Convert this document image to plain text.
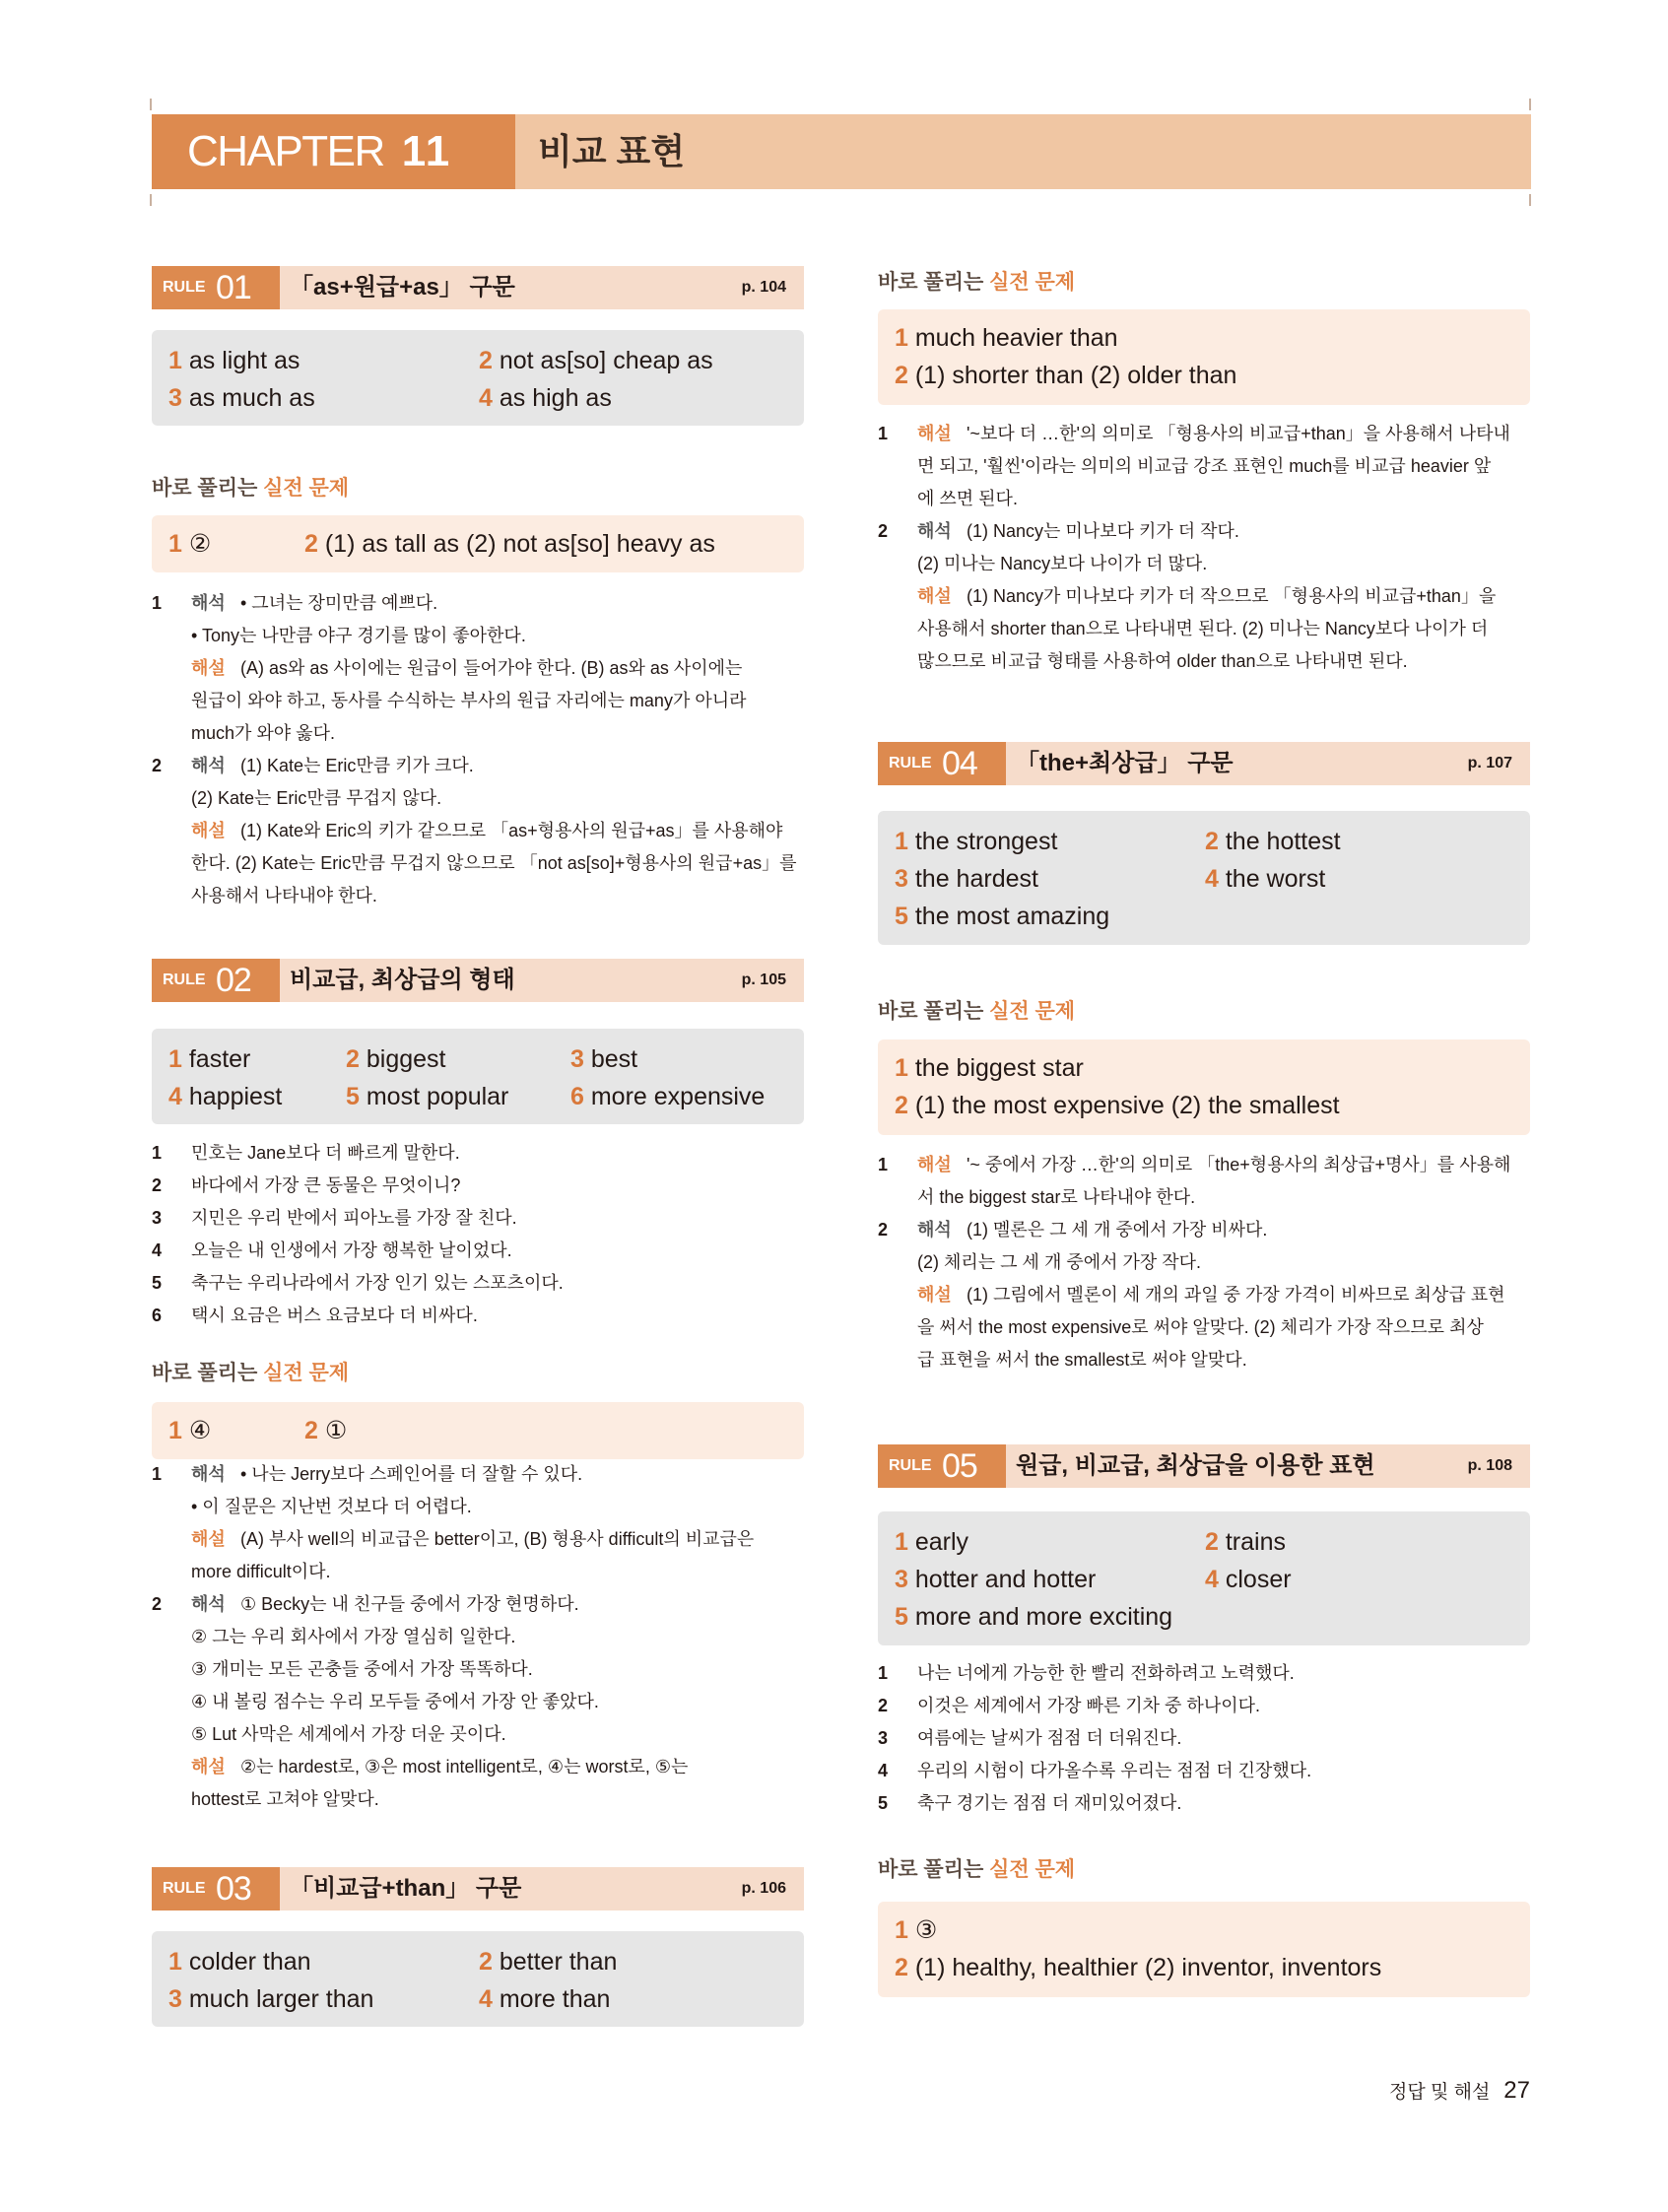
CHAPTER 11	비교 표현
RULE 01 「as+원급+as」 구문	p. 104
1 as light as	2 not as[so] cheap as
3 as much as	4 as high as
바로 풀리는 실전 문제
1 ②	2 (1) as tall as (2) not as[so] heavy as
1 해석 • 그녀는 장미만큼 예쁘다.
• Tony는 나만큼 야구 경기를 많이 좋아한다.
해설 (A) as와 as 사이에는 원급이 들어가야 한다. (B) as와 as 사이에는
원급이 와야 하고, 동사를 수식하는 부사의 원급 자리에는 many가 아니라
much가 와야 옳다.
2 해석 (1) Kate는 Eric만큼 키가 크다.
(2) Kate는 Eric만큼 무겁지 않다.
해설 (1) Kate와 Eric의 키가 같으므로 「as+형용사의 원급+as」를 사용해야
한다. (2) Kate는 Eric만큼 무겁지 않으므로 「not as[so]+형용사의 원급+as」를
사용해서 나타내야 한다.
RULE 02 비교급, 최상급의 형태	p. 105
1 faster	2 biggest	3 best
4 happiest	5 most popular	6 more expensive
1 민호는 Jane보다 더 빠르게 말한다.
2 바다에서 가장 큰 동물은 무엇이니?
3 지민은 우리 반에서 피아노를 가장 잘 친다.
4 오늘은 내 인생에서 가장 행복한 날이었다.
5 축구는 우리나라에서 가장 인기 있는 스포츠이다.
6 택시 요금은 버스 요금보다 더 비싸다.
바로 풀리는 실전 문제
1 ④	2 ①
1 해석 • 나는 Jerry보다 스페인어를 더 잘할 수 있다.
• 이 질문은 지난번 것보다 더 어렵다.
해설 (A) 부사 well의 비교급은 better이고, (B) 형용사 difficult의 비교급은
more difficult이다.
2 해석 ① Becky는 내 친구들 중에서 가장 현명하다.
② 그는 우리 회사에서 가장 열심히 일한다.
③ 개미는 모든 곤충들 중에서 가장 똑똑하다.
④ 내 볼링 점수는 우리 모두들 중에서 가장 안 좋았다.
⑤ Lut 사막은 세계에서 가장 더운 곳이다.
해설 ②는 hardest로, ③은 most intelligent로, ④는 worst로, ⑤는
hottest로 고쳐야 알맞다.
RULE 03 「비교급+than」 구문	p. 106
1 colder than	2 better than
3 much larger than	4 more than
바로 풀리는 실전 문제
1 much heavier than
2 (1) shorter than (2) older than
1 해설 '~보다 더 …한'의 의미로 「형용사의 비교급+than」을 사용해서 나타내
면 되고, '훨씬'이라는 의미의 비교급 강조 표현인 much를 비교급 heavier 앞
에 쓰면 된다.
2 해석 (1) Nancy는 미나보다 키가 더 작다.
(2) 미나는 Nancy보다 나이가 더 많다.
해설 (1) Nancy가 미나보다 키가 더 작으므로 「형용사의 비교급+than」을
사용해서 shorter than으로 나타내면 된다. (2) 미나는 Nancy보다 나이가 더
많으므로 비교급 형태를 사용하여 older than으로 나타내면 된다.
RULE 04 「the+최상급」 구문	p. 107
1 the strongest	2 the hottest
3 the hardest	4 the worst
5 the most amazing
바로 풀리는 실전 문제
1 the biggest star
2 (1) the most expensive (2) the smallest
1 해설 '~ 중에서 가장 …한'의 의미로 「the+형용사의 최상급+명사」를 사용해
서 the biggest star로 나타내야 한다.
2 해석 (1) 멜론은 그 세 개 중에서 가장 비싸다.
(2) 체리는 그 세 개 중에서 가장 작다.
해설 (1) 그림에서 멜론이 세 개의 과일 중 가장 가격이 비싸므로 최상급 표현
을 써서 the most expensive로 써야 알맞다. (2) 체리가 가장 작으므로 최상
급 표현을 써서 the smallest로 써야 알맞다.
RULE 05 원급, 비교급, 최상급을 이용한 표현	p. 108
1 early	2 trains
3 hotter and hotter	4 closer
5 more and more exciting
1 나는 너에게 가능한 한 빨리 전화하려고 노력했다.
2 이것은 세계에서 가장 빠른 기차 중 하나이다.
3 여름에는 날씨가 점점 더 더워진다.
4 우리의 시험이 다가올수록 우리는 점점 더 긴장했다.
5 축구 경기는 점점 더 재미있어졌다.
바로 풀리는 실전 문제
1 ③
2 (1) healthy, healthier (2) inventor, inventors
정답 및 해설 27
